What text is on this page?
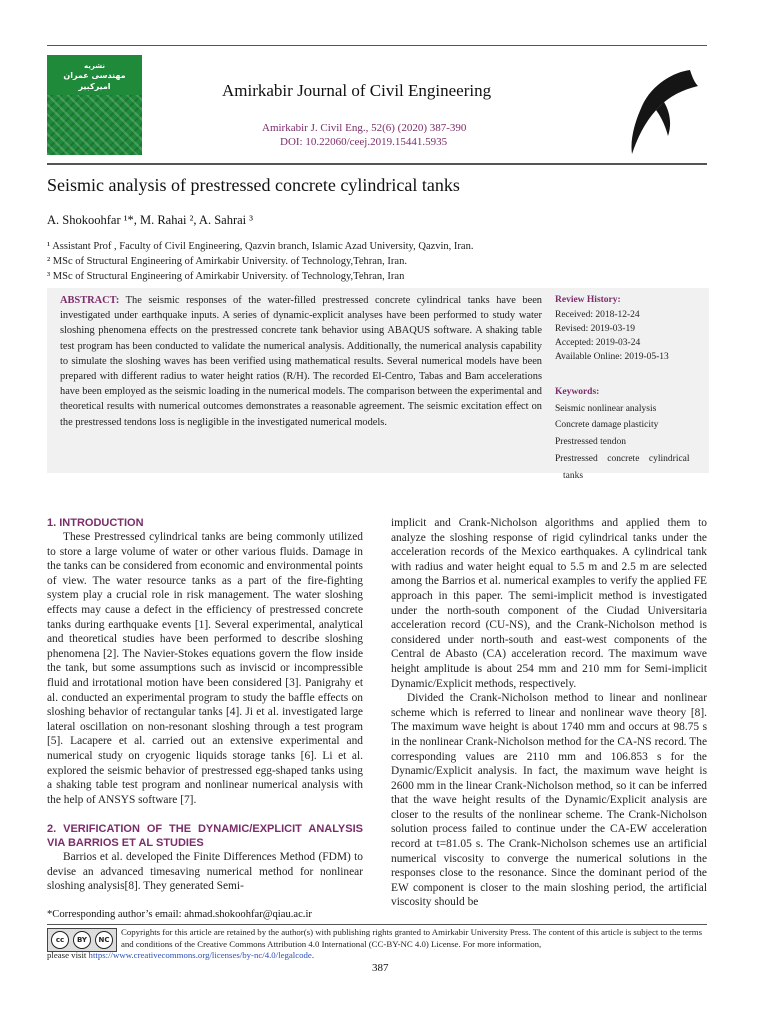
نشریه
مهندسی عمران
امیرکبیر	Amirkabir Journal of Civil Engineering
Amirkabir J. Civil Eng., 52(6) (2020) 387-390
DOI: 10.22060/ceej.2019.15441.5935
Seismic analysis of prestressed concrete cylindrical tanks
A. Shokoohfar ¹*, M. Rahai ², A. Sahrai ³
¹ Assistant Prof , Faculty of Civil Engineering, Qazvin branch, Islamic Azad University, Qazvin, Iran.
² MSc of Structural Engineering of Amirkabir University. of Technology,Tehran, Iran.
³ MSc of Structural Engineering of Amirkabir University. of Technology,Tehran, Iran
ABSTRACT: The seismic responses of the water-filled prestressed concrete cylindrical tanks have been investigated under earthquake inputs. A series of dynamic-explicit analyses have been performed to study water sloshing phenomena effects on the prestressed concrete tank behavior using ABAQUS software. A shaking table test program has been conducted to validate the numerical analysis. Additionally, the numerical analysis capability to simulate the sloshing waves has been verified using mathematical results. Several numerical models have been prepared with different radius to water height ratios (R/H). The recorded El-Centro, Tabas and Bam accelerations have been employed as the seismic loading in the numerical models. The comparison between the experimental and theoretical results with numerical outcomes demonstrates a reasonable agreement. The seismic excitation effect on the prestressed tendons loss is negligible in the investigated numerical models.
Review History:
Received: 2018-12-24
Revised: 2019-03-19
Accepted: 2019-03-24
Available Online: 2019-05-13
Keywords:
Seismic nonlinear analysis
Concrete damage plasticity
Prestressed tendon
Prestressed    concrete    cylindrical
tanks
1. INTRODUCTION

These Prestressed cylindrical tanks are being commonly utilized to store a large volume of water or other various fluids. Damage in the tanks can be considered from economic and environmental points of view. The water resource tanks as a part of the fire-fighting system play a crucial role in risk management. The water sloshing effects may cause a defect in the efficiency of prestressed concrete tanks during earthquake events [1]. Several experimental, analytical and theoretical studies have been performed to describe sloshing phenomena [2]. The Navier-Stokes equations govern the flow inside the tank, but some assumptions such as inviscid or incompressible fluid and irrotational motion have been considered [3]. Panigrahy et al. conducted an experimental program to study the baffle effects on sloshing behavior of rectangular tanks [4]. Ji et al. investigated large lateral oscillation on non-resonant sloshing through a test program [5]. Lacapere et al. carried out an extensive experimental and numerical study on cryogenic liquids storage tanks [6]. Li et al. explored the seismic behavior of prestressed egg-shaped tanks using a shaking table test program and nonlinear numerical analysis with the help of ANSYS software [7].

2. VERIFICATION OF THE DYNAMIC/EXPLICIT ANALYSIS VIA BARRIOS ET AL STUDIES

Barrios et al. developed the Finite Differences Method (FDM) to devise an advanced timesaving numerical method for nonlinear sloshing analysis[8]. They generated Semi-

implicit and Crank-Nicholson algorithms and applied them to analyze the sloshing response of rigid cylindrical tanks under the acceleration records of the Mexico earthquakes. A cylindrical tank with radius and water height equal to 5.5 m and 2.5 m are selected among the Barrios et al. numerical examples to verify the applied FE approach in this paper. The semi-implicit method is investigated under the north-south component of the Ciudad Universitaria acceleration record (CU-NS), and the Crank-Nicholson method is considered under north-south and east-west components of the Central de Abasto (CA) acceleration record. The maximum wave height amplitude is about 254 mm and 210 mm for Semi-implicit Dynamic/Explicit methods, respectively.

Divided the Crank-Nicholson method to linear and nonlinear scheme which is referred to linear and nonlinear wave theory [8]. The maximum wave height is about 1740 mm and occurs at 98.75 s in the nonlinear Crank-Nicholson method for the CA-NS record. The corresponding values are 2110 mm and 106.853 s for the Dynamic/Explicit analysis. In fact, the maximum wave height is 2600 mm in the linear Crank-Nicholson method, so it can be inferred that the wave height results of the Dynamic/Explicit analysis are closer to the results of the nonlinear scheme. The Crank-Nicholson solution process failed to continue under the CA-EW acceleration record at t=81.05 s. The Crank-Nicholson schemes use an artificial numerical viscosity to converge the numerical solutions in the responses close to the resonance. Since the dominant period of the EW component is closer to the main sloshing period, the artificial viscosity should be

*Corresponding author’s email: ahmad.shokoohfar@qiau.ac.ir
cc	BY	NC
Copyrights for this article are retained by the author(s) with publishing rights granted to Amirkabir University Press. The content of this article is subject to the terms and conditions of the Creative Commons Attribution 4.0 International (CC-BY-NC 4.0) License. For more information,
please visit https://www.creativecommons.org/licenses/by-nc/4.0/legalcode.
387
